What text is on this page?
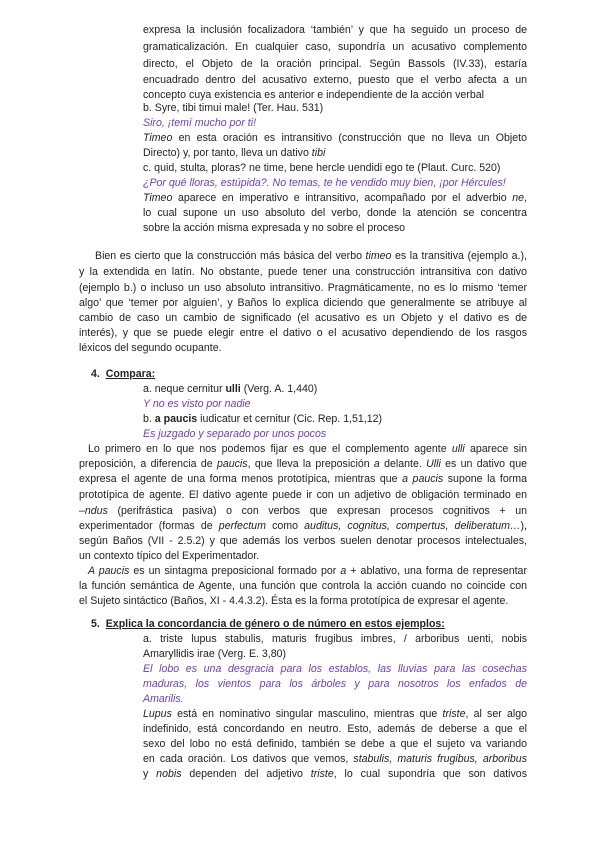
expresa la inclusión focalizadora ‘también’ y que ha seguido un proceso de
gramaticalización. En cualquier caso, supondría un acusativo complemento
directo, el Objeto de la oración principal. Según Bassols (IV.33), estaría
encuadrado dentro del acusativo externo, puesto que el verbo afecta a un
concepto cuya existencia es anterior e independiente de la acción verbal
b. Syre, tibi timui male! (Ter. Hau. 531)
Siro, ¡temí mucho por ti!
Timeo en esta oración es intransitivo (construcción que no lleva un Objeto
Directo) y, por tanto, lleva un dativo tibi
c. quid, stulta, ploras? ne time, bene hercle uendidi ego te (Plaut. Curc. 520)
¿Por qué lloras, estúpida?. No temas, te he vendido muy bien, ¡por Hércules!
Timeo aparece en imperativo e intransitivo, acompañado por el adverbio ne,
lo cual supone un uso absoluto del verbo, donde la atención se concentra
sobre la acción misma expresada y no sobre el proceso
Bien es cierto que la construcción más básica del verbo timeo es la transitiva (ejemplo a.),
y la extendida en latín. No obstante, puede tener una construcción intransitiva con dativo
(ejemplo b.) o incluso un uso absoluto intransitivo. Pragmáticamente, no es lo mismo ‘temer
algo’ que ‘temer por alguien’, y Baños lo explica diciendo que generalmente se atribuye al
cambio de caso un cambio de significado (el acusativo es un Objeto y el dativo es de
interés), y que se puede elegir entre el dativo o el acusativo dependiendo de los rasgos
léxicos del segundo ocupante.
4. Compara:
a. neque cernitur ulli (Verg. A. 1,440)
Y no es visto por nadie
b. a paucis iudicatur et cernitur (Cic. Rep. 1,51,12)
Es juzgado y separado por unos pocos
Lo primero en lo que nos podemos fijar es que el complemento agente ulli aparece sin
preposición, a diferencia de paucis, que lleva la preposición a delante. Ulli es un dativo que
expresa el agente de una forma menos prototípica, mientras que a paucis supone la forma
prototípica de agente. El dativo agente puede ir con un adjetivo de obligación terminado en
–ndus (perifrástica pasiva) o con verbos que expresan procesos cognitivos + un
experimentador (formas de perfectum como auditus, cognitus, compertus, deliberatum…),
según Baños (VII - 2.5.2) y que además los verbos suelen denotar procesos intelectuales,
un contexto típico del Experimentador.
A paucis es un sintagma preposicional formado por a + ablativo, una forma de representar
la función semántica de Agente, una función que controla la acción cuando no coincide con
el Sujeto sintáctico (Baños, XI - 4.4.3.2). Ésta es la forma prototípica de expresar el agente.
5. Explica la concordancia de género o de número en estos ejemplos:
a. triste lupus stabulis, maturis frugibus imbres, / arboribus uenti, nobis
Amaryllidis irae (Verg. E. 3,80)
El lobo es una desgracia para los establos, las lluvias para las cosechas
maduras, los vientos para los árboles y para nosotros los enfados de
Amarilis.
Lupus está en nominativo singular masculino, mientras que triste, al ser algo
indefinido, está concordando en neutro. Esto, además de deberse a que el
sexo del lobo no está definido, también se debe a que el sujeto va variando
en cada oración. Los dativos que vemos, stabulis, maturis frugibus, arboribus
y nobis dependen del adjetivo triste, lo cual supondría que son dativos
